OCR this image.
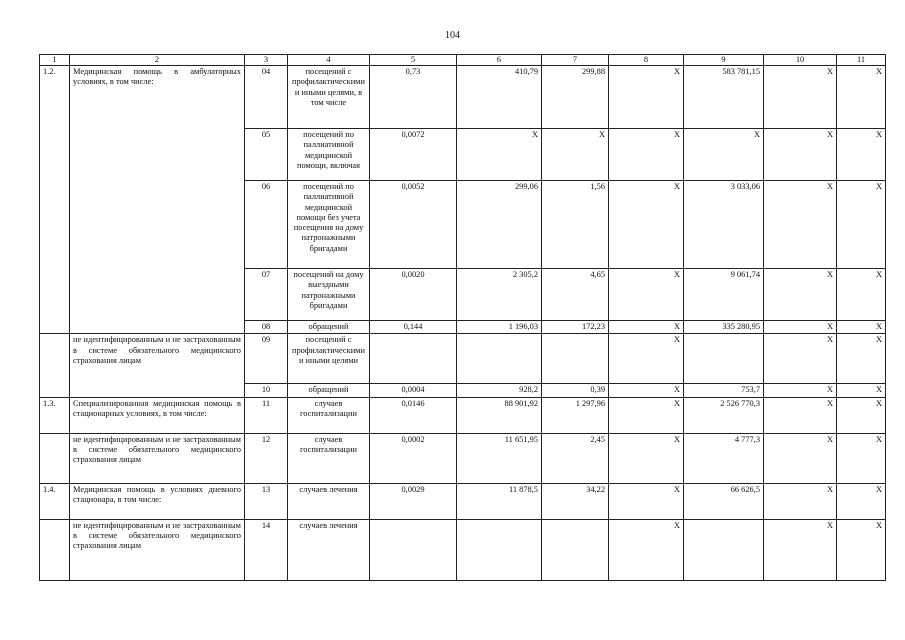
104
1	2	3	4	5	6	7	8	9	10	11
1.2.	Медицинская помощь в амбулаторных условиях, в том числе:	04	посещений с профилактическими и иными целями, в том числе	0,73	410,79	299,88	X	583 781,15	X	X
		05	посещений по паллиативной медицинской помощи, включая	0,0072	X	X	X	X	X	X
		06	посещений по паллиативной медицинской помощи без учета посещения на дому патронажными бригадами	0,0052	299,06	1,56	X	3 033,06	X	X
		07	посещений на дому выездными патронажными бригадами	0,0020	2 305,2	4,65	X	9 061,74	X	X
		08	обращений	0,144	1 196,03	172,23	X	335 280,95	X	X
	не идентифицированным и не застрахованным в системе обязательного медицинского страхования лицам	09	посещений с профилактическими и иными целями				X		X	X
		10	обращений	0,0004	928,2	0,39	X	753,7	X	X
1.3.	Специализированная медицинская помощь в стационарных условиях, в том числе:	11	случаев госпитализации	0,0146	88 901,92	1 297,96	X	2 526 770,3	X	X
	не идентифицированным и не застрахованным в системе обязательного медицинского страхования лицам	12	случаев госпитализации	0,0002	11 651,95	2,45	X	4 777,3	X	X
1.4.	Медицинская помощь в условиях дневного стационара, в том числе:	13	случаев лечения	0,0029	11 878,5	34,22	X	66 626,5	X	X
	не идентифицированным и не застрахованным в системе обязательного медицинского страхования лицам	14	случаев лечения				X		X	X
